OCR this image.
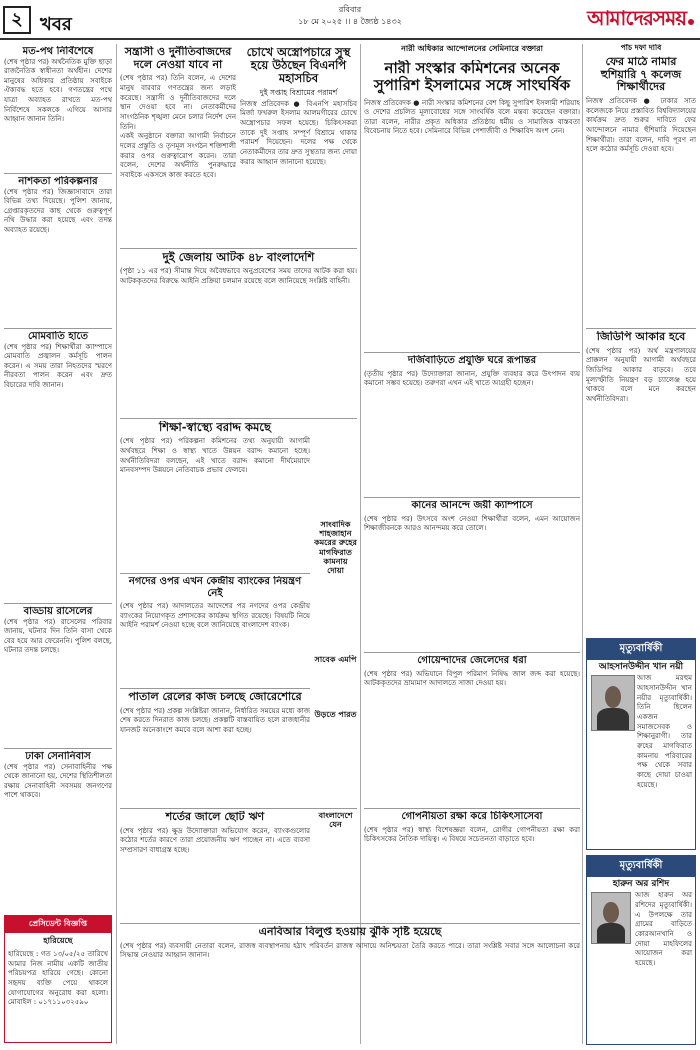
২ খবর
রবিবার
১৮ মে ২০২৫ ।। ৪ জ্যৈষ্ঠ ১৪৩২	আমাদেরসময়
মত-পথ নির্বিশেষে
(শেষ পৃষ্ঠার পর) অর্থনৈতিক মুক্তি ছাড়া রাজনৈতিক স্বাধীনতা অর্থহীন। দেশের মানুষের অধিকার প্রতিষ্ঠায় সবাইকে ঐক্যবদ্ধ হতে হবে। গণতন্ত্রের পথে যাত্রা অব্যাহত রাখতে মত-পথ নির্বিশেষে সকলকে এগিয়ে আসার আহ্বান জানান তিনি।
নাশকতা পরিকল্পনার
(শেষ পৃষ্ঠার পর) জিজ্ঞাসাবাদে তারা বিভিন্ন তথ্য দিয়েছে। পুলিশ জানায়, গ্রেপ্তারকৃতদের কাছ থেকে গুরুত্বপূর্ণ নথি উদ্ধার করা হয়েছে এবং তদন্ত অব্যাহত রয়েছে।
মোমবাতি হাতে
(শেষ পৃষ্ঠার পর) শিক্ষার্থীরা ক্যাম্পাসে মোমবাতি প্রজ্বালন কর্মসূচি পালন করেন। এ সময় তারা নিহতদের স্মরণে নীরবতা পালন করেন এবং দ্রুত বিচারের দাবি জানান।
বাড্ডায় রাসেলের
(শেষ পৃষ্ঠার পর) রাসেলের পরিবার জানায়, ঘটনার দিন তিনি বাসা থেকে বের হয়ে আর ফেরেননি। পুলিশ বলছে, ঘটনার তদন্ত চলছে।
ঢাকা সেনানিবাস
(শেষ পৃষ্ঠার পর) সেনাবাহিনীর পক্ষ থেকে জানানো হয়, দেশের স্থিতিশীলতা রক্ষায় সেনাবাহিনী সবসময় জনগণের পাশে থাকবে।
প্রেসিডেন্ট বিজ্ঞপ্তি
হারিয়েছে
হারিয়েছে : গত ১৩/০৫/২৫ তারিখে আমার নিজ নামীয় একটি জাতীয় পরিচয়পত্র হারিয়ে গেছে। কোনো সহৃদয় ব্যক্তি পেয়ে থাকলে যোগাযোগের অনুরোধ করা হলো। মোবাইল : ০১৭১১০৩২৫৯০
সন্ত্রাসী ও দুর্নীতিবাজদের দলে নেওয়া যাবে না
(শেষ পৃষ্ঠার পর) তিনি বলেন, এ দেশের মানুষ বারবার গণতন্ত্রের জন্য লড়াই করেছে। সন্ত্রাসী ও দুর্নীতিবাজদের দলে স্থান দেওয়া হবে না। নেতাকর্মীদের সাংগঠনিক শৃঙ্খলা মেনে চলার নির্দেশ দেন তিনি।
একই অনুষ্ঠানে বক্তারা আগামী নির্বাচনে দলের প্রস্তুতি ও তৃণমূল সংগঠন শক্তিশালী করার ওপর গুরুত্বারোপ করেন। তারা বলেন, দেশের অর্থনীতি পুনরুদ্ধারে সবাইকে একসঙ্গে কাজ করতে হবে।
চোখে অস্ত্রোপচারে সুস্থ হয়ে উঠছেন বিএনপি মহাসচিব
দুই সপ্তাহ বিশ্রামের পরামর্শ
নিজস্ব প্রতিবেদক ● বিএনপি মহাসচিব মির্জা ফখরুল ইসলাম আলমগীরের চোখে অস্ত্রোপচার সফল হয়েছে। চিকিৎসকরা তাকে দুই সপ্তাহ সম্পূর্ণ বিশ্রামে থাকার পরামর্শ দিয়েছেন। দলের পক্ষ থেকে নেতাকর্মীদের তার দ্রুত সুস্থতার জন্য দোয়া করার আহ্বান জানানো হয়েছে।
দুই জেলায় আটক ৪৮ বাংলাদেশি
(পৃষ্ঠা ১১ এর পর) সীমান্ত দিয়ে অবৈধভাবে অনুপ্রবেশের সময় তাদের আটক করা হয়। আটককৃতদের বিরুদ্ধে আইনি প্রক্রিয়া চলমান রয়েছে বলে জানিয়েছে সংশ্লিষ্ট বাহিনী।
শিক্ষা-স্বাস্থ্যে বরাদ্দ কমছে
(শেষ পৃষ্ঠার পর) পরিকল্পনা কমিশনের তথ্য অনুযায়ী আগামী অর্থবছরে শিক্ষা ও স্বাস্থ্য খাতে উন্নয়ন বরাদ্দ কমানো হচ্ছে। অর্থনীতিবিদরা বলছেন, এই খাতে বরাদ্দ কমানো দীর্ঘমেয়াদে মানবসম্পদ উন্নয়নে নেতিবাচক প্রভাব ফেলবে।
সাংবাদিক শাহজাহান কমরের রুহের মাগফিরাত কামনায় দোয়া
নগদের ওপর এখন কেন্দ্রীয় ব্যাংকের নিয়ন্ত্রণ নেই
(শেষ পৃষ্ঠার পর) আদালতের আদেশের পর নগদের ওপর কেন্দ্রীয় ব্যাংকের নিয়োগকৃত প্রশাসকের কার্যক্রম স্থগিত রয়েছে। বিষয়টি নিয়ে আইনি পরামর্শ নেওয়া হচ্ছে বলে জানিয়েছে বাংলাদেশ ব্যাংক।
সাবেক এমপি
পাতাল রেলের কাজ চলছে জোরেশোরে
(শেষ পৃষ্ঠার পর) প্রকল্প সংশ্লিষ্টরা জানান, নির্ধারিত সময়ের মধ্যে কাজ শেষ করতে দিনরাত কাজ চলছে। প্রকল্পটি বাস্তবায়িত হলে রাজধানীর যানজট অনেকাংশে কমবে বলে আশা করা হচ্ছে।
উড়তে পারত
শর্তের জালে ছোট ঋণ
(শেষ পৃষ্ঠার পর) ক্ষুদ্র উদ্যোক্তারা অভিযোগ করেন, ব্যাংকগুলোর কঠোর শর্তের কারণে তারা প্রয়োজনীয় ঋণ পাচ্ছেন না। এতে ব্যবসা সম্প্রসারণ বাধাগ্রস্ত হচ্ছে।
বাংলাদেশে যেন
এনবিআর বিলুপ্ত হওয়ায় ঝুঁকি সৃষ্টি হয়েছে
(শেষ পৃষ্ঠার পর) ব্যবসায়ী নেতারা বলেন, রাজস্ব ব্যবস্থাপনায় হঠাৎ পরিবর্তন রাজস্ব আদায়ে অনিশ্চয়তা তৈরি করতে পারে। তারা সংশ্লিষ্ট সবার সঙ্গে আলোচনা করে সিদ্ধান্ত নেওয়ার আহ্বান জানান।
নারী অধিকার আন্দোলনের সেমিনারে বক্তারা
নারী সংস্কার কমিশনের অনেক সুপারিশ ইসলামের সঙ্গে সাংঘর্ষিক
নিজস্ব প্রতিবেদক ● নারী সংস্কার কমিশনের বেশ কিছু সুপারিশ ইসলামী শরিয়াহ ও দেশের প্রচলিত মূল্যবোধের সঙ্গে সাংঘর্ষিক বলে মন্তব্য করেছেন বক্তারা। তারা বলেন, নারীর প্রকৃত অধিকার প্রতিষ্ঠায় ধর্মীয় ও সামাজিক বাস্তবতা বিবেচনায় নিতে হবে। সেমিনারে বিভিন্ন পেশাজীবী ও শিক্ষাবিদ অংশ নেন।
দর্জিবাড়িতে প্রযুক্তি ঘরে রূপান্তর
(তৃতীয় পৃষ্ঠার পর) উদ্যোক্তারা জানান, প্রযুক্তি ব্যবহার করে উৎপাদন ব্যয় কমানো সম্ভব হয়েছে। তরুণরা এখন এই খাতে আগ্রহী হচ্ছেন।
কানের আনন্দে জয়ী ক্যাম্পাসে
(শেষ পৃষ্ঠার পর) উৎসবে অংশ নেওয়া শিক্ষার্থীরা বলেন, এমন আয়োজন শিক্ষাজীবনকে আরও আনন্দময় করে তোলে।
গোয়েন্দাদের জেলেদের ধরা
(শেষ পৃষ্ঠার পর) অভিযানে বিপুল পরিমাণ নিষিদ্ধ জাল জব্দ করা হয়েছে। আটককৃতদের ভ্রাম্যমাণ আদালতে সাজা দেওয়া হয়।
গোপনীয়তা রক্ষা করে চিকিৎসাসেবা
(শেষ পৃষ্ঠার পর) স্বাস্থ্য বিশেষজ্ঞরা বলেন, রোগীর গোপনীয়তা রক্ষা করা চিকিৎসকের নৈতিক দায়িত্ব। এ বিষয়ে সচেতনতা বাড়াতে হবে।
পাঁচ দফা দাবি
ফের মাঠে নামার হুশিয়ারি ৭ কলেজ শিক্ষার্থীদের
নিজস্ব প্রতিবেদক ● ঢাকার সাত কলেজকে নিয়ে প্রস্তাবিত বিশ্ববিদ্যালয়ের কার্যক্রম দ্রুত শুরুর দাবিতে ফের আন্দোলনে নামার হুঁশিয়ারি দিয়েছেন শিক্ষার্থীরা। তারা বলেন, দাবি পূরণ না হলে কঠোর কর্মসূচি দেওয়া হবে।
জিডিপি আকার হবে
(শেষ পৃষ্ঠার পর) অর্থ মন্ত্রণালয়ের প্রাক্কলন অনুযায়ী আগামী অর্থবছরে জিডিপির আকার বাড়বে। তবে মূল্যস্ফীতি নিয়ন্ত্রণ বড় চ্যালেঞ্জ হয়ে থাকবে বলে মনে করছেন অর্থনীতিবিদরা।
মৃত্যুবার্ষিকী
আহসানউদ্দীন খান নয়ী
আজ মরহুম আহসানউদ্দীন খান নয়ীর মৃত্যুবার্ষিকী। তিনি ছিলেন একজন সমাজসেবক ও শিক্ষানুরাগী। তার রুহের মাগফিরাত কামনায় পরিবারের পক্ষ থেকে সবার কাছে দোয়া চাওয়া হয়েছে।
মৃত্যুবার্ষিকী
হারুন অর রশিদ
আজ হারুন অর রশিদের মৃত্যুবার্ষিকী। এ উপলক্ষে তার গ্রামের বাড়িতে কোরআনখানি ও দোয়া মাহফিলের আয়োজন করা হয়েছে।
